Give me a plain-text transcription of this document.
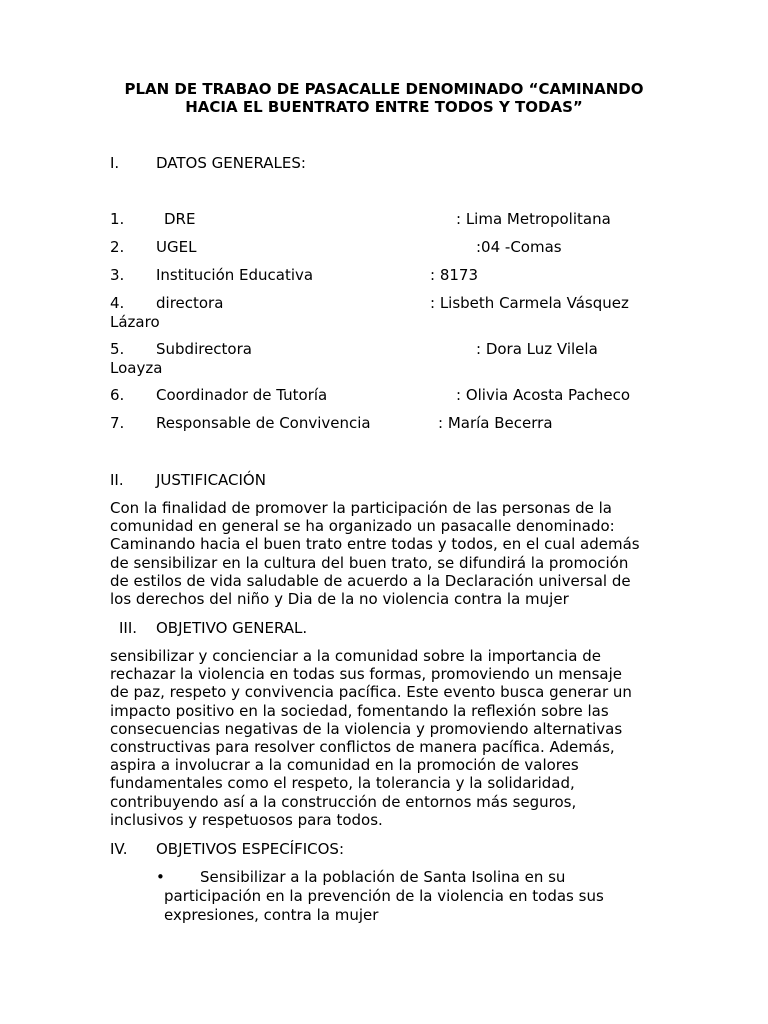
PLAN DE TRABAO DE PASACALLE DENOMINADO “CAMINANDO
HACIA EL BUENTRATO ENTRE TODOS Y TODAS”
I. DATOS GENERALES:
1.	DRE	: Lima Metropolitana
2. UGEL	:04 -Comas
3. Institución Educativa	: 8173
4. directora	: Lisbeth Carmela Vásquez
Lázaro
5. Subdirectora	: Dora Luz Vilela
Loayza
6. Coordinador de Tutoría	: Olivia Acosta Pacheco
7. Responsable de Convivencia	: María Becerra
II. JUSTIFICACIÓN
Con la finalidad de promover la participación de las personas de la
comunidad en general se ha organizado un pasacalle denominado:
Caminando hacia el buen trato entre todas y todos, en el cual además
de sensibilizar en la cultura del buen trato, se difundirá la promoción
de estilos de vida saludable de acuerdo a la Declaración universal de
los derechos del niño y Dia de la no violencia contra la mujer
III. OBJETIVO GENERAL.
sensibilizar y concienciar a la comunidad sobre la importancia de
rechazar la violencia en todas sus formas, promoviendo un mensaje
de paz, respeto y convivencia pacífica. Este evento busca generar un
impacto positivo en la sociedad, fomentando la reflexión sobre las
consecuencias negativas de la violencia y promoviendo alternativas
constructivas para resolver conflictos de manera pacífica. Además,
aspira a involucrar a la comunidad en la promoción de valores
fundamentales como el respeto, la tolerancia y la solidaridad,
contribuyendo así a la construcción de entornos más seguros,
inclusivos y respetuosos para todos.
IV. OBJETIVOS ESPECÍFICOS:
• Sensibilizar a la población de Santa Isolina en su
participación en la prevención de la violencia en todas sus
expresiones, contra la mujer
